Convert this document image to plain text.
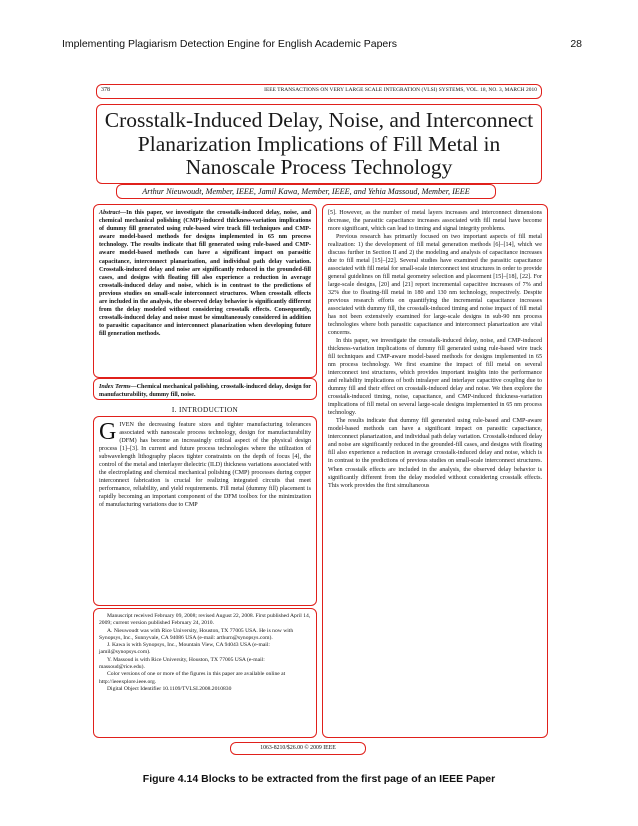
Implementing Plagiarism Detection Engine for English Academic Papers	28
378	IEEE TRANSACTIONS ON VERY LARGE SCALE INTEGRATION (VLSI) SYSTEMS, VOL. 18, NO. 3, MARCH 2010
Crosstalk-Induced Delay, Noise, and Interconnect
Planarization Implications of Fill Metal in
Nanoscale Process Technology
Arthur Nieuwoudt, Member, IEEE, Jamil Kawa, Member, IEEE, and Yehia Massoud, Member, IEEE
Abstract—In this paper, we investigate the crosstalk-induced delay, noise, and chemical mechanical polishing (CMP)-induced thickness-variation implications of dummy fill generated using rule-based wire track fill techniques and CMP-aware model-based methods for designs implemented in 65 nm process technology. The results indicate that fill generated using rule-based and CMP-aware model-based methods can have a significant impact on parasitic capacitance, interconnect planarization, and individual path delay variation. Crosstalk-induced delay and noise are significantly reduced in the grounded-fill cases, and designs with floating fill also experience a reduction in average crosstalk-induced delay and noise, which is in contrast to the predictions of previous studies on small-scale interconnect structures. When crosstalk effects are included in the analysis, the observed delay behavior is significantly different from the delay modeled without considering crosstalk effects. Consequently, crosstalk-induced delay and noise must be simultaneously considered in addition to parasitic capacitance and interconnect planarization when developing future fill generation methods.
Index Terms—Chemical mechanical polishing, crosstalk-induced delay, design for manufacturability, dummy fill, noise.
I. INTRODUCTION
GIVEN the decreasing feature sizes and tighter manufacturing tolerances associated with nanoscale process technology, design for manufacturability (DFM) has become an increasingly critical aspect of the physical design process [1]–[3]. In current and future process technologies where the utilization of subwavelength lithography places tighter constraints on the depth of focus [4], the control of the metal and interlayer dielectric (ILD) thickness variations associated with the electroplating and chemical mechanical polishing (CMP) processes during copper interconnect fabrication is crucial for realizing integrated circuits that meet performance, reliability, and yield requirements. Fill metal (dummy fill) placement is rapidly becoming an important component of the DFM toolbox for the minimization of manufacturing variations due to CMP

Manuscript received February 09, 2008; revised August 22, 2008. First published April 14, 2009; current version published February 24, 2010.

A. Nieuwoudt was with Rice University, Houston, TX 77005 USA. He is now with Synopsys, Inc., Sunnyvale, CA 94086 USA (e-mail: arthurn@synopsys.com).

J. Kawa is with Synopsys, Inc., Mountain View, CA 94043 USA (e-mail: jamil@synopsys.com).

Y. Massoud is with Rice University, Houston, TX 77005 USA (e-mail: massoud@rice.edu).

Color versions of one or more of the figures in this paper are available online at http://ieeexplore.ieee.org.

Digital Object Identifier 10.1109/TVLSI.2008.2010830

[5]. However, as the number of metal layers increases and interconnect dimensions decrease, the parasitic capacitance increases associated with fill metal have become more significant, which can lead to timing and signal integrity problems.

Previous research has primarily focused on two important aspects of fill metal realization: 1) the development of fill metal generation methods [6]–[14], which we discuss further in Section II and 2) the modeling and analysis of capacitance increases due to fill metal [15]–[22]. Several studies have examined the parasitic capacitance associated with fill metal for small-scale interconnect test structures in order to provide general guidelines on fill metal geometry selection and placement [15]–[18], [22]. For large-scale designs, [20] and [21] report incremental capacitive increases of 7% and 32% due to floating-fill metal in 180 and 130 nm technology, respectively. Despite previous research efforts on quantifying the incremental capacitance increases associated with dummy fill, the crosstalk-induced timing and noise impact of fill metal has not been extensively examined for large-scale designs in sub-90 nm process technologies where both parasitic capacitance and interconnect planarization are vital concerns.

In this paper, we investigate the crosstalk-induced delay, noise, and CMP-induced thickness-variation implications of dummy fill generated using rule-based wire track fill techniques and CMP-aware model-based methods for designs implemented in 65 nm process technology. We first examine the impact of fill metal on several interconnect test structures, which provides important insights into the performance and reliability implications of both intralayer and interlayer capacitive coupling due to dummy fill and their effect on crosstalk-induced delay and noise. We then explore the crosstalk-induced timing, noise, capacitance, and CMP-induced thickness-variation implications of fill metal on several large-scale designs implemented in 65 nm process technology.

The results indicate that dummy fill generated using rule-based and CMP-aware model-based methods can have a significant impact on parasitic capacitance, interconnect planarization, and individual path delay variation. Crosstalk-induced delay and noise are significantly reduced in the grounded-fill cases, and designs with floating fill also experience a reduction in average crosstalk-induced delay and noise, which is in contrast to the predictions of previous studies on small-scale interconnect structures. When crosstalk effects are included in the analysis, the observed delay behavior is significantly different from the delay modeled without considering crosstalk effects. This work provides the first simultaneous

1063-8210/$26.00 © 2009 IEEE
Figure 4.14 Blocks to be extracted from the first page of an IEEE Paper
